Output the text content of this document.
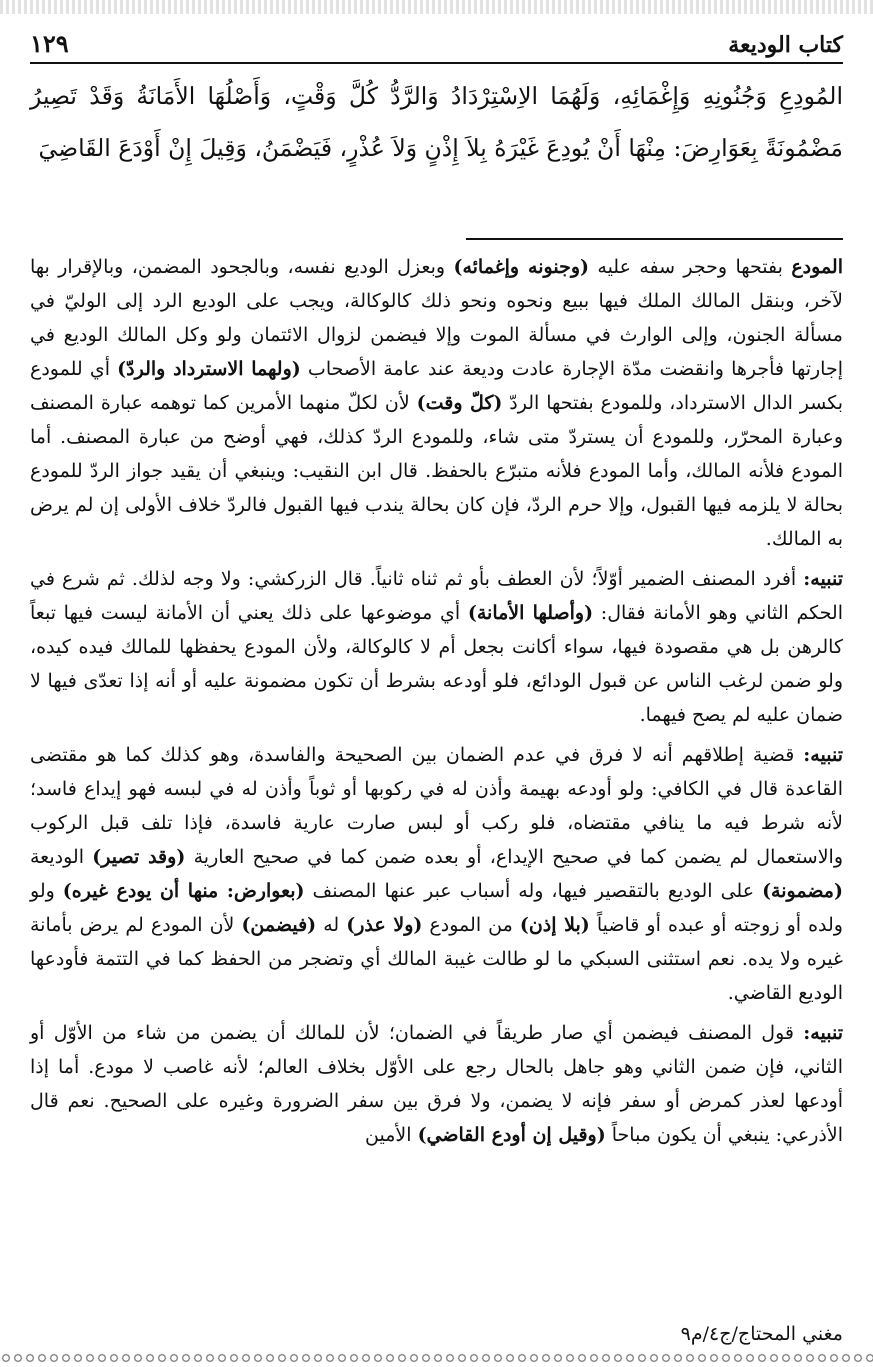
كتاب الوديعة
١٢٩

المُودِعِ وَجُنُونِهِ وَإِغْمَائِهِ، وَلَهُمَا الاِسْتِرْدَادُ وَالرَّدُّ كُلَّ وَقْتٍ، وَأَصْلُهَا الأَمَانَةُ وَقَدْ تَصِيرُ مَضْمُونَةً بِعَوَارِضَ: مِنْهَا أَنْ يُودِعَ غَيْرَهُ بِلاَ إِذْنٍ وَلاَ عُذْرٍ، فَيَضْمَنُ، وَقِيلَ إِنْ أَوْدَعَ القَاضِيَ

المودع بفتحها وحجر سفه عليه (وجنونه وإغمائه) وبعزل الوديع نفسه، وبالجحود المضمن، وبالإقرار بها لآخر، وبنقل المالك الملك فيها ببيع ونحوه ونحو ذلك كالوكالة، ويجب على الوديع الرد إلى الوليّ في مسألة الجنون، وإلى الوارث في مسألة الموت وإلا فيضمن لزوال الائتمان ولو وكل المالك الوديع في إجارتها فأجرها وانقضت مدّة الإجارة عادت وديعة عند عامة الأصحاب (ولهما الاسترداد والردّ) أي للمودع بكسر الدال الاسترداد، وللمودع بفتحها الردّ (كلّ وقت) لأن لكلّ منهما الأمرين كما توهمه عبارة المصنف وعبارة المحرّر، وللمودع أن يستردّ متى شاء، وللمودع الردّ كذلك، فهي أوضح من عبارة المصنف. أما المودع فلأنه المالك، وأما المودع فلأنه متبرّع بالحفظ. قال ابن النقيب: وينبغي أن يقيد جواز الردّ للمودع بحالة لا يلزمه فيها القبول، وإلا حرم الردّ، فإن كان بحالة يندب فيها القبول فالردّ خلاف الأولى إن لم يرض به المالك.

تنبيه: أفرد المصنف الضمير أوّلاً؛ لأن العطف بأو ثم ثناه ثانياً. قال الزركشي: ولا وجه لذلك. ثم شرع في الحكم الثاني وهو الأمانة فقال: (وأصلها الأمانة) أي موضوعها على ذلك يعني أن الأمانة ليست فيها تبعاً كالرهن بل هي مقصودة فيها، سواء أكانت بجعل أم لا كالوكالة، ولأن المودع يحفظها للمالك فيده كيده، ولو ضمن لرغب الناس عن قبول الودائع، فلو أودعه بشرط أن تكون مضمونة عليه أو أنه إذا تعدّى فيها لا ضمان عليه لم يصح فيهما.

تنبيه: قضية إطلاقهم أنه لا فرق في عدم الضمان بين الصحيحة والفاسدة، وهو كذلك كما هو مقتضى القاعدة قال في الكافي: ولو أودعه بهيمة وأذن له في ركوبها أو ثوباً وأذن له في لبسه فهو إيداع فاسد؛ لأنه شرط فيه ما ينافي مقتضاه، فلو ركب أو لبس صارت عارية فاسدة، فإذا تلف قبل الركوب والاستعمال لم يضمن كما في صحيح الإيداع، أو بعده ضمن كما في صحيح العارية (وقد تصير) الوديعة (مضمونة) على الوديع بالتقصير فيها، وله أسباب عبر عنها المصنف (بعوارض: منها أن يودع غيره) ولو ولده أو زوجته أو عبده أو قاضياً (بلا إذن) من المودع (ولا عذر) له (فيضمن) لأن المودع لم يرض بأمانة غيره ولا يده. نعم استثنى السبكي ما لو طالت غيبة المالك أي وتضجر من الحفظ كما في التتمة فأودعها الوديع القاضي.

تنبيه: قول المصنف فيضمن أي صار طريقاً في الضمان؛ لأن للمالك أن يضمن من شاء من الأوّل أو الثاني، فإن ضمن الثاني وهو جاهل بالحال رجع على الأوّل بخلاف العالم؛ لأنه غاصب لا مودع. أما إذا أودعها لعذر كمرض أو سفر فإنه لا يضمن، ولا فرق بين سفر الضرورة وغيره على الصحيح. نعم قال الأذرعي: ينبغي أن يكون مباحاً (وقيل إن أودع القاضي) الأمين

مغني المحتاج/ج٤/م٩
